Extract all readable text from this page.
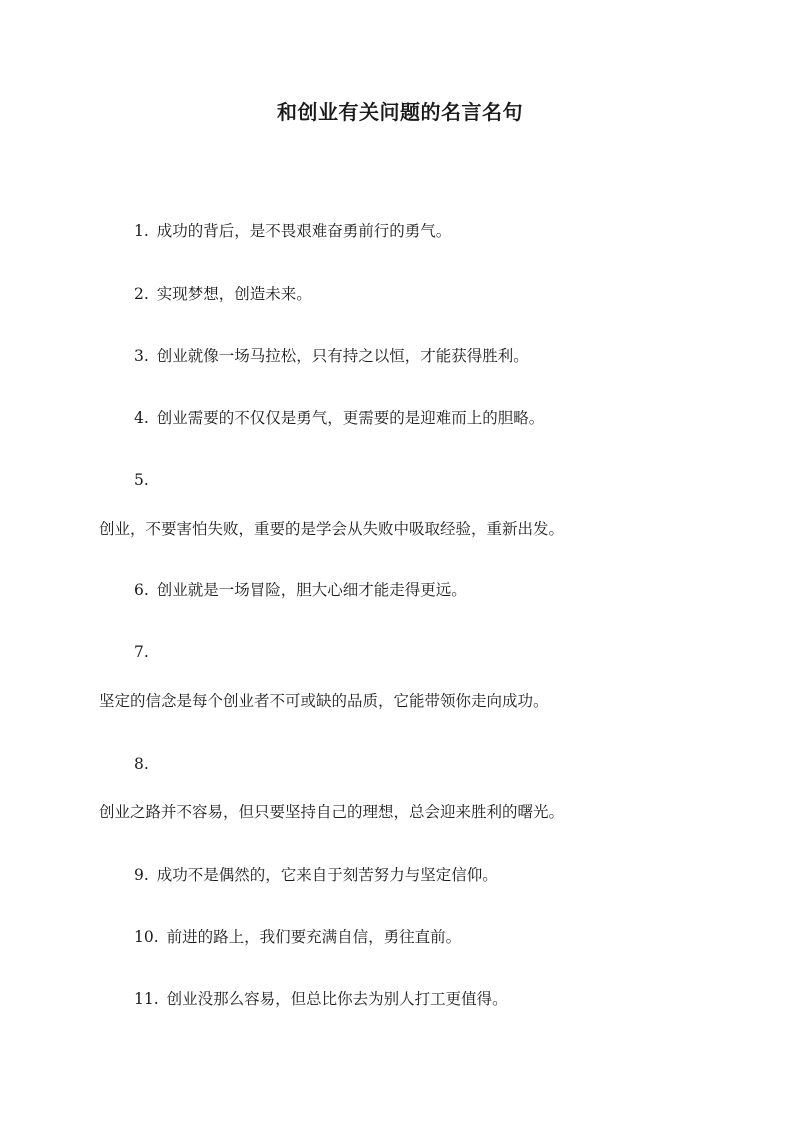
和创业有关问题的名言名句
1. 成功的背后，是不畏艰难奋勇前行的勇气。
2. 实现梦想，创造未来。
3. 创业就像一场马拉松，只有持之以恒，才能获得胜利。
4. 创业需要的不仅仅是勇气，更需要的是迎难而上的胆略。
5.
创业，不要害怕失败，重要的是学会从失败中吸取经验，重新出发。
6. 创业就是一场冒险，胆大心细才能走得更远。
7.
坚定的信念是每个创业者不可或缺的品质，它能带领你走向成功。
8.
创业之路并不容易，但只要坚持自己的理想，总会迎来胜利的曙光。
9. 成功不是偶然的，它来自于刻苦努力与坚定信仰。
10. 前进的路上，我们要充满自信，勇往直前。
11. 创业没那么容易，但总比你去为别人打工更值得。
